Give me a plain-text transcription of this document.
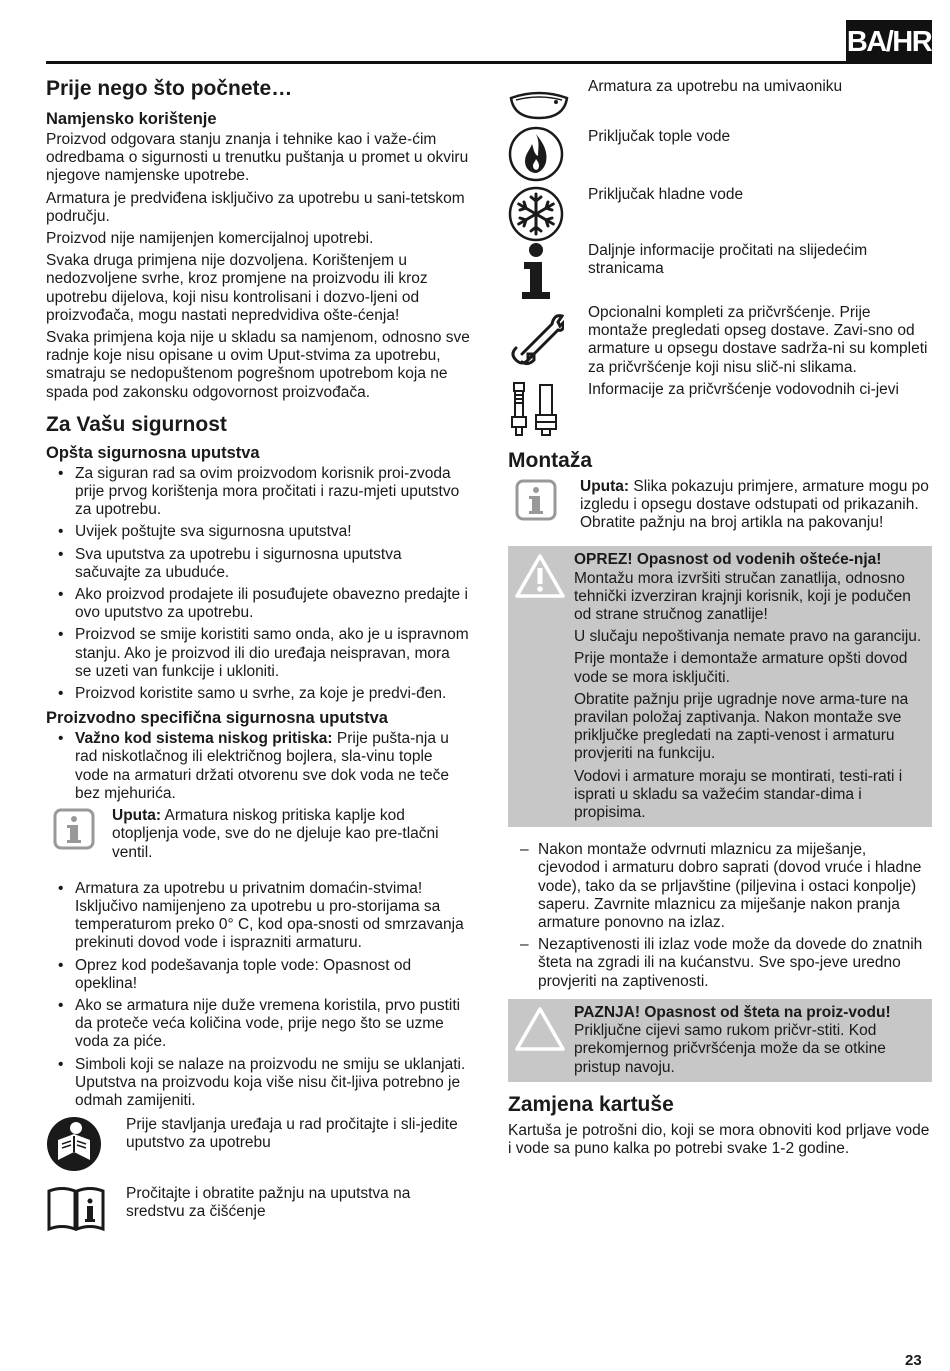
BA/HR
Prije nego što počnete…
Namjensko korištenje

Proizvod odgovara stanju znanja i tehnike kao i važe-ćim odredbama o sigurnosti u trenutku puštanja u promet u okviru njegove namjenske upotrebe.

Armatura je predviđena isključivo za upotrebu u sani-tetskom području.

Proizvod nije namijenjen komercijalnoj upotrebi.

Svaka druga primjena nije dozvoljena. Korištenjem u nedozvoljene svrhe, kroz promjene na proizvodu ili kroz upotrebu dijelova, koji nisu kontrolisani i dozvo-ljeni od proizvođača, mogu nastati nepredvidiva ošte-ćenja!

Svaka primjena koja nije u skladu sa namjenom, odnosno sve radnje koje nisu opisane u ovim Uput-stvima za upotrebu, smatraju se nedopuštenom pogrešnom upotrebom koja ne spada pod zakonsku odgovornost proizvođača.

Za Vašu sigurnost
Opšta sigurnosna uputstva
• Za siguran rad sa ovim proizvodom korisnik proi-zvoda prije prvog korištenja mora pročitati i razu-mjeti uputstvo za upotrebu.
• Uvijek poštujte sva sigurnosna uputstva!
• Sva uputstva za upotrebu i sigurnosna uputstva sačuvajte za ubuduće.
• Ako proizvod prodajete ili posuđujete obavezno predajte i ovo uputstvo za upotrebu.
• Proizvod se smije koristiti samo onda, ako je u ispravnom stanju. Ako je proizvod ili dio uređaja neispravan, mora se uzeti van funkcije i ukloniti.
• Proizvod koristite samo u svrhe, za koje je predvi-đen.
Proizvodno specifična sigurnosna uputstva
• Važno kod sistema niskog pritiska: Prije pušta-nja u rad niskotlačnog ili električnog bojlera, sla-vinu tople vode na armaturi držati otvorenu sve dok voda ne teče bez mjehurića.

Uputa: Armatura niskog pritiska kaplje kod otopljenja vode, sve do ne djeluje kao pre-tlačni ventil.

• Armatura za upotrebu u privatnim domaćin-stvima! Isključivo namijenjeno za upotrebu u pro-storijama sa temperaturom preko 0° C, kod opa-snosti od smrzavanja prekinuti dovod vode i isprazniti armaturu.
• Oprez kod podešavanja tople vode: Opasnost od opeklina!
• Ako se armatura nije duže vremena koristila, prvo pustiti da proteče veća količina vode, prije nego što se uzme voda za piće.
• Simboli koji se nalaze na proizvodu ne smiju se uklanjati. Uputstva na proizvodu koja više nisu čit-ljiva potrebno je odmah zamijeniti.
Prije stavljanja uređaja u rad pročitajte i sli-jedite uputstvo za upotrebu
Pročitajte i obratite pažnju na uputstva na sredstvu za čišćenje
Armatura za upotrebu na umivaoniku
Priključak tople vode
Priključak hladne vode
Daljnje informacije pročitati na slijedećim stranicama
Opcionalni kompleti za pričvršćenje. Prije montaže pregledati opseg dostave. Zavi-sno od armature u opsegu dostave sadrža-ni su kompleti za pričvršćenje koji nisu slič-ni slikama.
Informacije za pričvršćenje vodovodnih ci-jevi
Montaža

Uputa: Slika pokazuju primjere, armature mogu po izgledu i opsegu dostave odstupati od prikazanih. Obratite pažnju na broj artikla na pakovanju!

OPREZ! Opasnost od vodenih ošteće-nja! Montažu mora izvršiti stručan zanatlija, odnosno tehnički izverziran krajnji korisnik, koji je podučen od strane stručnog zanatlije!

U slučaju nepoštivanja nemate pravo na garanciju.

Prije montaže i demontaže armature opšti dovod vode se mora isključiti.

Obratite pažnju prije ugradnje nove arma-ture na pravilan položaj zaptivanja. Nakon montaže sve priključke pregledati na zapti-venost i armaturu provjeriti na funkciju.

Vodovi i armature moraju se montirati, testi-rati i isprati u skladu sa važećim standar-dima i propisima.

– Nakon montaže odvrnuti mlaznicu za miješanje, cjevodod i armaturu dobro saprati (dovod vruće i hladne vode), tako da se prljavštine (piljevina i ostaci konpolje) saperu. Zavrnite mlaznicu za miješanje nakon pranja armature ponovno na izlaz.
– Nezaptivenosti ili izlaz vode može da dovede do znatnih šteta na zgradi ili na kućanstvu. Sve spo-jeve uredno provjeriti na zaptivenosti.

PAZNJA! Opasnost od šteta na proiz-vodu! Priključne cijevi samo rukom pričvr-stiti. Kod prekomjernog pričvršćenja može da se otkine pristup navoju.

Zamjena kartuše

Kartuša je potrošni dio, koji se mora obnoviti kod prljave vode i vode sa puno kalka po potrebi svake 1-2 godine.

23
